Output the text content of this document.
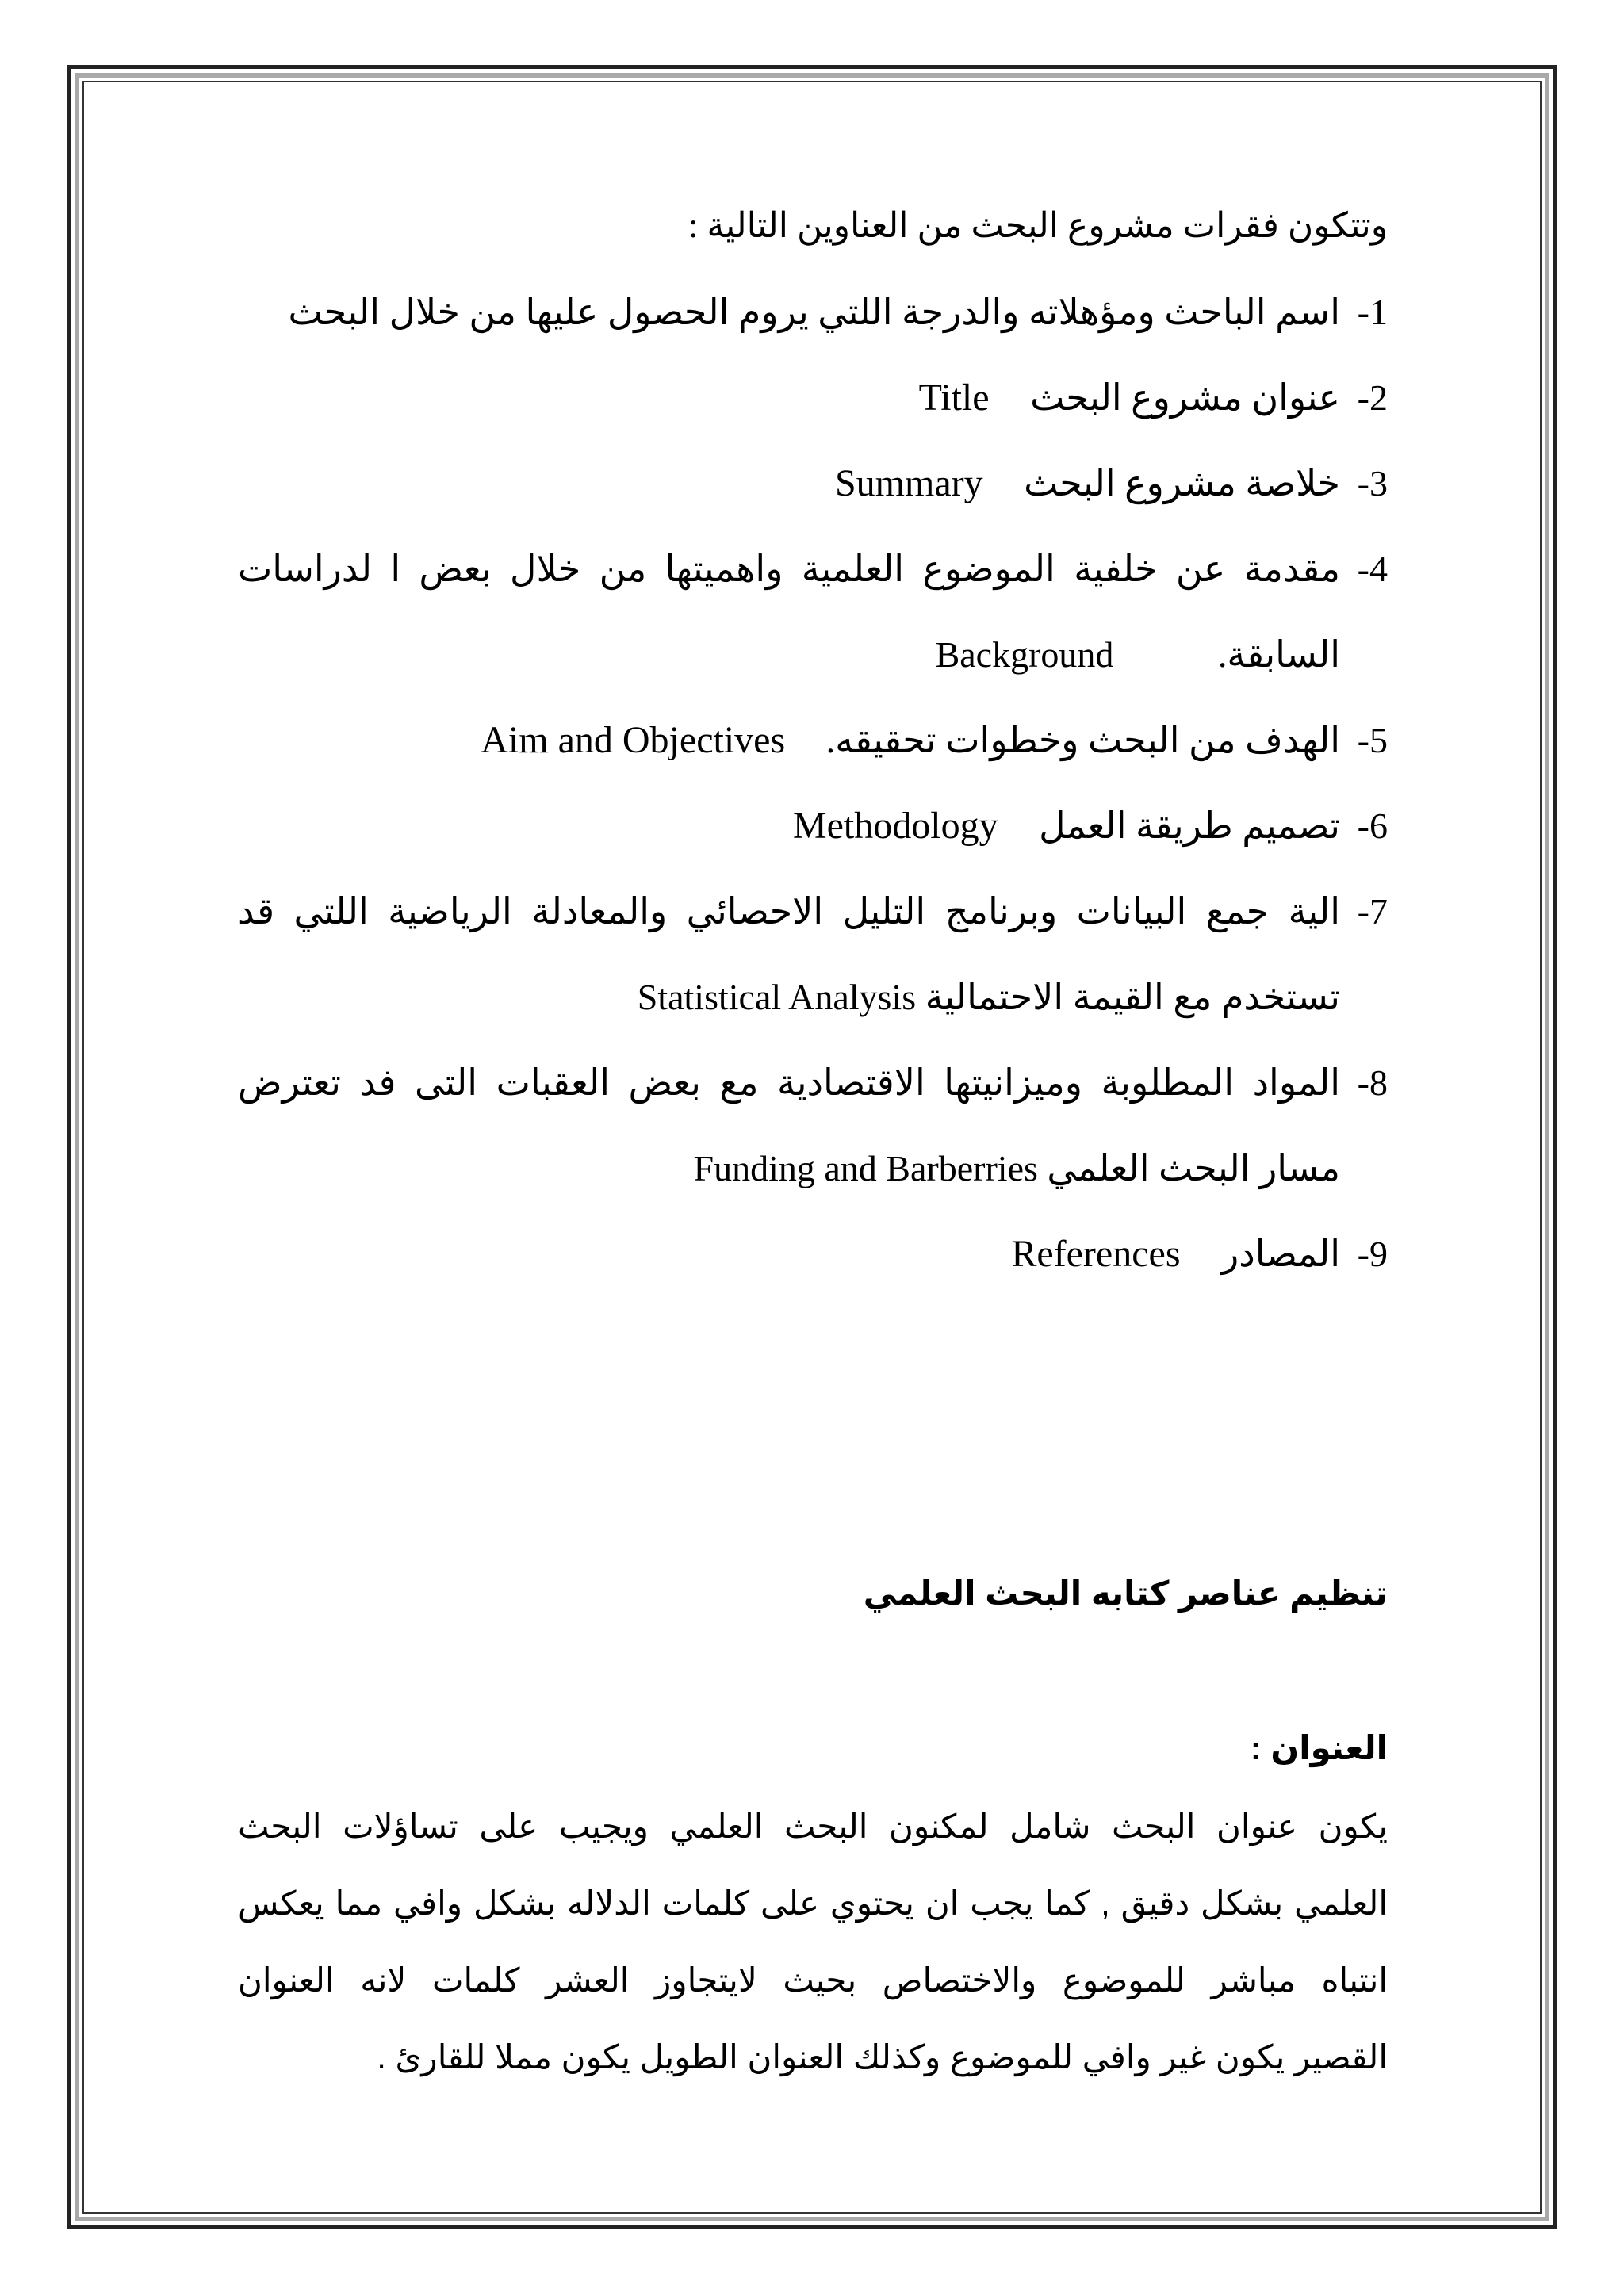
وتتكون فقرات مشروع البحث من العناوين التالية :
1-
اسم الباحث ومؤهلاته والدرجة اللتي يروم الحصول عليها من خلال البحث
2-
عنوان مشروع البحث Title
3-
خلاصة مشروع البحث Summary
4-
مقدمة عن خلفية الموضوع العلمية واهميتها من خلال بعض ا لدراسات
السابقة. Background
5-
الهدف من البحث وخطوات تحقيقه. Aim and Objectives
6-
تصميم طريقة العمل Methodology
7-
الية جمع البيانات وبرنامج التليل الاحصائي والمعادلة الرياضية اللتي قد
تستخدم مع القيمة الاحتمالية Statistical Analysis
8-
المواد المطلوبة وميزانيتها الاقتصادية مع بعض العقبات التى فد تعترض
مسار البحث العلمي Funding and Barberries
9-
المصادر References
تنظيم عناصر كتابه البحث العلمي
العنوان :
يكون عنوان البحث شامل لمكنون البحث العلمي ويجيب على تساؤلات البحث
العلمي بشكل دقيق , كما يجب ان يحتوي على كلمات الدلاله بشكل وافي مما يعكس
انتباه مباشر للموضوع والاختصاص بحيث لايتجاوز العشر كلمات لانه العنوان
القصير يكون غير وافي للموضوع وكذلك العنوان الطويل يكون مملا للقارئ .
